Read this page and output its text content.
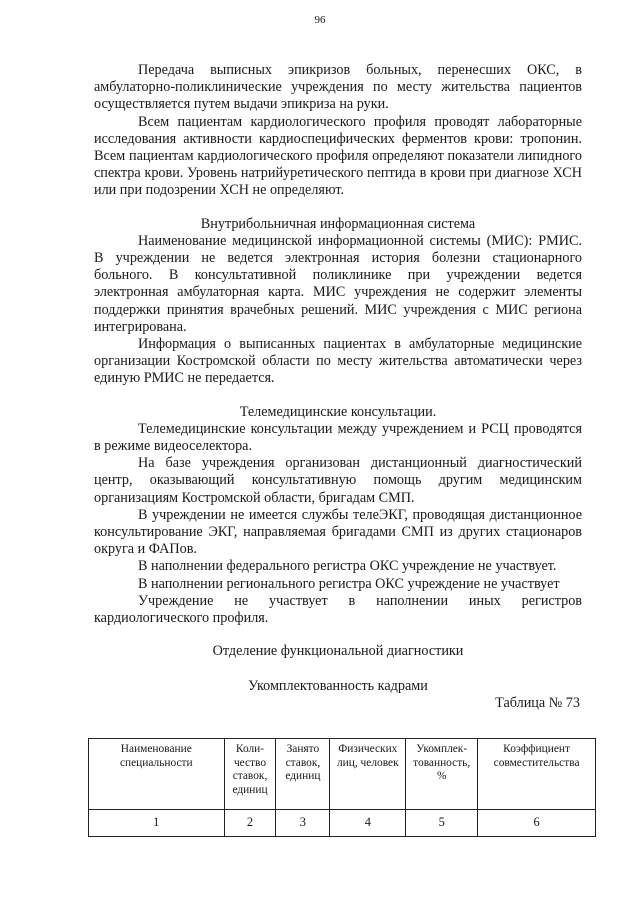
96

Передача выписных эпикризов больных, перенесших ОКС, в амбулаторно-поликлинические учреждения по месту жительства пациентов осуществляется путем выдачи эпикриза на руки.

Всем пациентам кардиологического профиля проводят лабораторные исследования активности кардиоспецифических ферментов крови: тропонин. Всем пациентам кардиологического профиля определяют показатели липидного спектра крови. Уровень натрийуретического пептида в крови при диагнозе ХСН или при подозрении ХСН не определяют.

Внутрибольничная информационная система

Наименование медицинской информационной системы (МИС): РМИС. В учреждении не ведется электронная история болезни стационарного больного. В консультативной поликлинике при учреждении ведется электронная амбулаторная карта. МИС учреждения не содержит элементы поддержки принятия врачебных решений. МИС учреждения с МИС региона интегрирована.

Информация о выписанных пациентах в амбулаторные медицинские организации Костромской области по месту жительства автоматически через единую РМИС не передается.

Телемедицинские консультации.

Телемедицинские консультации между учреждением и РСЦ проводятся в режиме видеоселектора.

На базе учреждения организован дистанционный диагностический центр, оказывающий консультативную помощь другим медицинским организациям Костромской области, бригадам СМП.

В учреждении не имеется службы телеЭКГ, проводящая дистанционное консультирование ЭКГ, направляемая бригадами СМП из других стационаров округа и ФАПов.

В наполнении федерального регистра ОКС учреждение не участвует.

В наполнении регионального регистра ОКС учреждение не участвует

Учреждение не участвует в наполнении иных регистров кардиологического профиля.

Отделение функциональной диагностики
Укомплектованность кадрами
Таблица № 73
Наименование специальности	Коли-чество ставок, единиц	Занято ставок, единиц	Физических лиц, человек	Укомплек-тованность, %	Коэффициент совместительства
1	2	3	4	5	6
